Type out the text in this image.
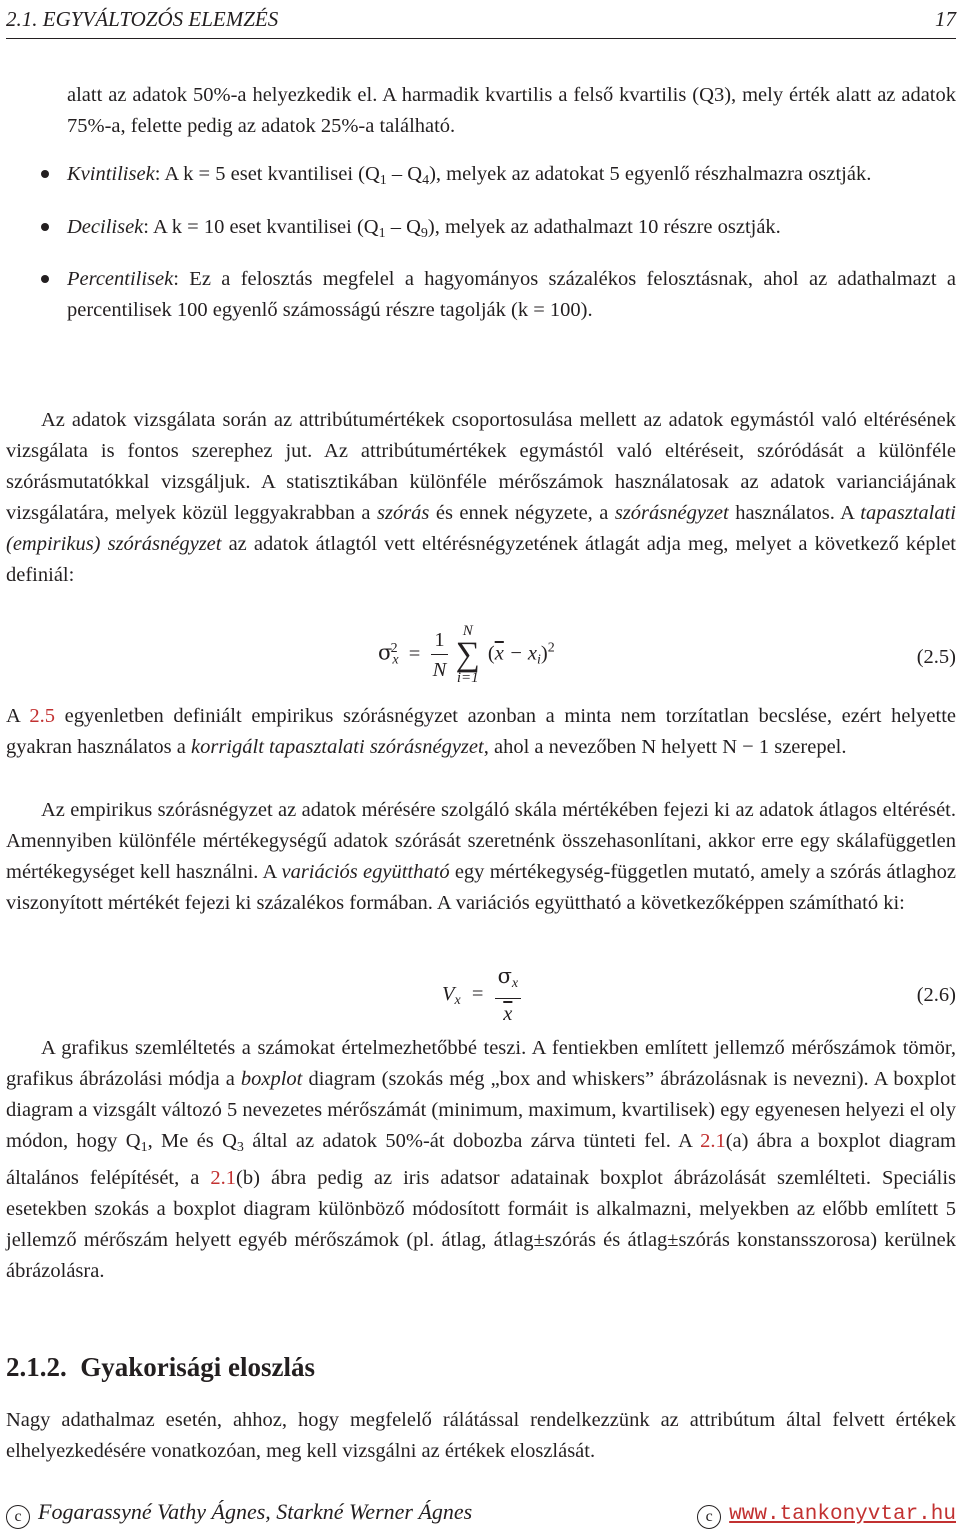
2.1. EGYVÁLTOZÓS ELEMZÉS	17

alatt az adatok 50%-a helyezkedik el. A harmadik kvartilis a felső kvartilis (Q3), mely érték alatt az adatok 75%-a, felette pedig az adatok 25%-a található.

Kvintilisek: A k = 5 eset kvantilisei $(Q_1 - Q_4)$, melyek az adatokat 5 egyenlő részhalmazra osztják.
Decilisek: A k = 10 eset kvantilisei $(Q_1 - Q_9)$, melyek az adathalmazt 10 részre osztják.
Percentilisek: Ez a felosztás megfelel a hagyományos százalékos felosztásnak, ahol az adathalmazt a percentilisek 100 egyenlő számosságú részre tagolják (k = 100).

Az adatok vizsgálata során az attribútumértékek csoportosulása mellett az adatok egymástól való eltérésének vizsgálata is fontos szerephez jut. Az attribútumértékek egymástól való eltéréseit, szóródását a különféle szórásmutatókkal vizsgáljuk. A statisztikában különféle mérőszámok használatosak az adatok varianciájának vizsgálatára, melyek közül leggyakrabban a szórás és ennek négyzete, a szórásnégyzet használatos. A tapasztalati (empirikus) szórásnégyzet az adatok átlagtól vett eltérésnégyzetének átlagát adja meg, melyet a következő képlet definiál:

$\sigma_x^2 = \frac{1}{N}$
	N
∑
i=1
$(\overline{x} - x_i)^2$	(2.5)

A 2.5 egyenletben definiált empirikus szórásnégyzet azonban a minta nem torzítatlan becslése, ezért helyette gyakran használatos a korrigált tapasztalati szórásnégyzet, ahol a nevezőben N helyett N − 1 szerepel.

Az empirikus szórásnégyzet az adatok mérésére szolgáló skála mértékében fejezi ki az adatok átlagos eltérését. Amennyiben különféle mértékegységű adatok szórását szeretnénk összehasonlítani, akkor erre egy skálafüggetlen mértékegységet kell használni. A variációs együttható egy mértékegység-független mutató, amely a szórás átlaghoz viszonyított mértékét fejezi ki százalékos formában. A variációs együttható a következőképpen számítható ki:

$V_x = \frac{\sigma_x}{x}$	(2.6)

A grafikus szemléltetés a számokat értelmezhetőbbé teszi. A fentiekben említett jellemző mérőszámok tömör, grafikus ábrázolási módja a boxplot diagram (szokás még „box and whiskers” ábrázolásnak is nevezni). A boxplot diagram a vizsgált változó 5 nevezetes mérőszámát (minimum, maximum, kvartilisek) egy egyenesen helyezi el oly módon, hogy $Q_1$, Me és $Q_3$ által az adatok 50%-át dobozba zárva tünteti fel. A 2.1(a) ábra a boxplot diagram általános felépítését, a 2.1(b) ábra pedig az iris adatsor adatainak boxplot ábrázolását szemlélteti. Speciális esetekben szokás a boxplot diagram különböző módosított formáit is alkalmazni, melyekben az előbb említett 5 jellemző mérőszám helyett egyéb mérőszámok (pl. átlag, átlag±szórás és átlag±szórás konstansszorosa) kerülnek ábrázolásra.

2.1.2. Gyakorisági eloszlás

Nagy adathalmaz esetén, ahhoz, hogy megfelelő rálátással rendelkezzünk az attribútum által felvett értékek elhelyezkedésére vonatkozóan, meg kell vizsgálni az értékek eloszlását.

c Fogarassyné Vathy Ágnes, Starkné Werner Ágnes	c www.tankonyvtar.hu
